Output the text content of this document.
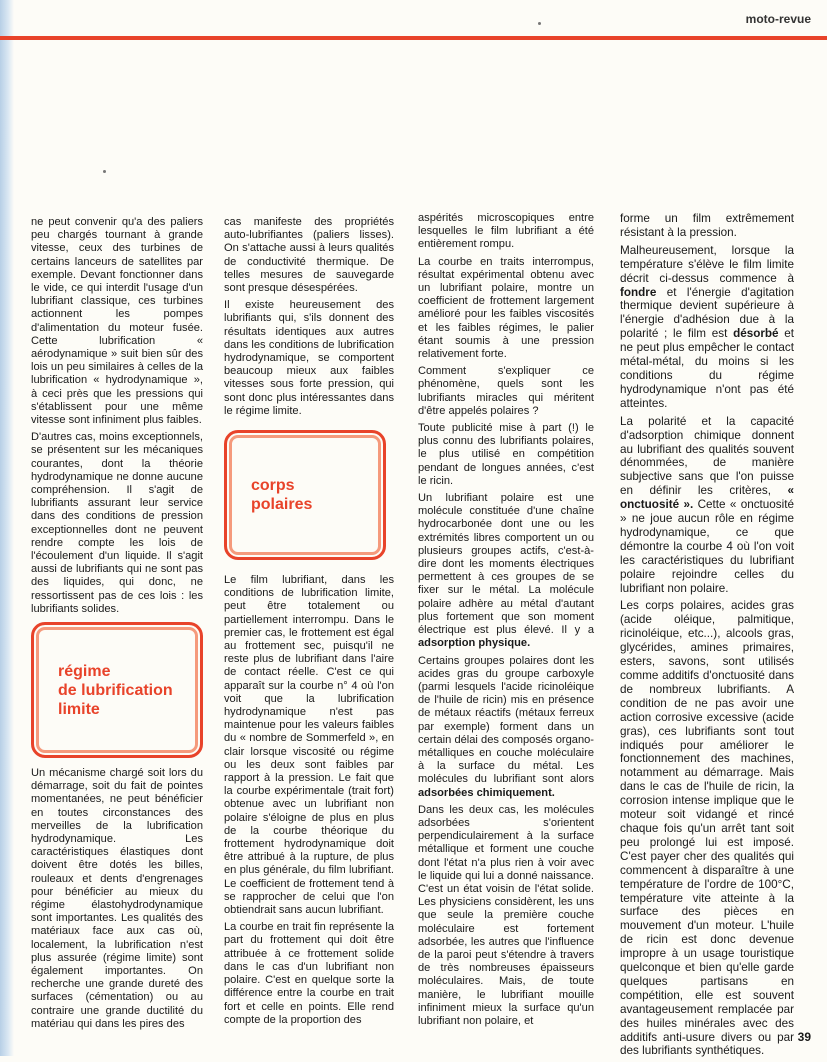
moto-revue

ne peut convenir qu'a des paliers peu chargés tournant à grande vitesse, ceux des turbines de certains lanceurs de satellites par exemple. Devant fonctionner dans le vide, ce qui interdit l'usage d'un lubrifiant classique, ces turbines actionnent les pompes d'alimentation du moteur fusée. Cette lubrification « aérodynamique » suit bien sûr des lois un peu similaires à celles de la lubrification « hydrodynamique », à ceci près que les pressions qui s'établissent pour une même vitesse sont infiniment plus faibles.

D'autres cas, moins exceptionnels, se présentent sur les mécaniques courantes, dont la théorie hydrodynamique ne donne aucune compréhension. Il s'agit de lubrifiants assurant leur service dans des conditions de pression exceptionnelles dont ne peuvent rendre compte les lois de l'écoulement d'un liquide. Il s'agit aussi de lubrifiants qui ne sont pas des liquides, qui donc, ne ressortissent pas de ces lois : les lubrifiants solides.

régime
de lubrification
limite

Un mécanisme chargé soit lors du démarrage, soit du fait de pointes momentanées, ne peut bénéficier en toutes circonstances des merveilles de la lubrification hydrodynamique. Les caractéristiques élastiques dont doivent être dotés les billes, rouleaux et dents d'engrenages pour bénéficier au mieux du régime élastohydrodynamique sont importantes. Les qualités des matériaux face aux cas où, localement, la lubrification n'est plus assurée (régime limite) sont également importantes. On recherche une grande dureté des surfaces (cémentation) ou au contraire une grande ductilité du matériau qui dans les pires des

cas manifeste des propriétés auto-lubrifiantes (paliers lisses). On s'attache aussi à leurs qualités de conductivité thermique. De telles mesures de sauvegarde sont presque désespérées.

Il existe heureusement des lubrifiants qui, s'ils donnent des résultats identiques aux autres dans les conditions de lubrification hydrodynamique, se comportent beaucoup mieux aux faibles vitesses sous forte pression, qui sont donc plus intéressantes dans le régime limite.

corps
polaires

Le film lubrifiant, dans les conditions de lubrification limite, peut être totalement ou partiellement interrompu. Dans le premier cas, le frottement est égal au frottement sec, puisqu'il ne reste plus de lubrifiant dans l'aire de contact réelle. C'est ce qui apparaît sur la courbe n° 4 où l'on voit que la lubrification hydrodynamique n'est pas maintenue pour les valeurs faibles du « nombre de Sommerfeld », en clair lorsque viscosité ou régime ou les deux sont faibles par rapport à la pression. Le fait que la courbe expérimentale (trait fort) obtenue avec un lubrifiant non polaire s'éloigne de plus en plus de la courbe théorique du frottement hydrodynamique doit être attribué à la rupture, de plus en plus générale, du film lubrifiant. Le coefficient de frottement tend à se rapprocher de celui que l'on obtiendrait sans aucun lubrifiant.

La courbe en trait fin représente la part du frottement qui doit être attribuée à ce frottement solide dans le cas d'un lubrifiant non polaire. C'est en quelque sorte la différence entre la courbe en trait fort et celle en points. Elle rend compte de la proportion des

aspérités microscopiques entre lesquelles le film lubrifiant a été entièrement rompu.

La courbe en traits interrompus, résultat expérimental obtenu avec un lubrifiant polaire, montre un coefficient de frottement largement amélioré pour les faibles viscosités et les faibles régimes, le palier étant soumis à une pression relativement forte.

Comment s'expliquer ce phénomène, quels sont les lubrifiants miracles qui méritent d'être appelés polaires ?

Toute publicité mise à part (!) le plus connu des lubrifiants polaires, le plus utilisé en compétition pendant de longues années, c'est le ricin.

Un lubrifiant polaire est une molécule constituée d'une chaîne hydrocarbonée dont une ou les extrémités libres comportent un ou plusieurs groupes actifs, c'est-à-dire dont les moments électriques permettent à ces groupes de se fixer sur le métal. La molécule polaire adhère au métal d'autant plus fortement que son moment électrique est plus élevé. Il y a adsorption physique.

Certains groupes polaires dont les acides gras du groupe carboxyle (parmi lesquels l'acide ricinoléique de l'huile de ricin) mis en présence de métaux réactifs (métaux ferreux par exemple) forment dans un certain délai des composés organo-métalliques en couche moléculaire à la surface du métal. Les molécules du lubrifiant sont alors adsorbées chimiquement.

Dans les deux cas, les molécules adsorbées s'orientent perpendiculairement à la surface métallique et forment une couche dont l'état n'a plus rien à voir avec le liquide qui lui a donné naissance. C'est un état voisin de l'état solide. Les physiciens considèrent, les uns que seule la première couche moléculaire est fortement adsorbée, les autres que l'influence de la paroi peut s'étendre à travers de très nombreuses épaisseurs moléculaires. Mais, de toute manière, le lubrifiant mouille infiniment mieux la surface qu'un lubrifiant non polaire, et

forme un film extrêmement résistant à la pression.

Malheureusement, lorsque la température s'élève le film limite décrit ci-dessus commence à fondre et l'énergie d'agitation thermique devient supérieure à l'énergie d'adhésion due à la polarité ; le film est désorbé et ne peut plus empêcher le contact métal-métal, du moins si les conditions du régime hydrodynamique n'ont pas été atteintes.

La polarité et la capacité d'adsorption chimique donnent au lubrifiant des qualités souvent dénommées, de manière subjective sans que l'on puisse en définir les critères, « onctuosité ». Cette « onctuosité » ne joue aucun rôle en régime hydrodynamique, ce que démontre la courbe 4 où l'on voit les caractéristiques du lubrifiant polaire rejoindre celles du lubrifiant non polaire.

Les corps polaires, acides gras (acide oléique, palmitique, ricinoléique, etc...), alcools gras, glycérides, amines primaires, esters, savons, sont utilisés comme additifs d'onctuosité dans de nombreux lubrifiants. A condition de ne pas avoir une action corrosive excessive (acide gras), ces lubrifiants sont tout indiqués pour améliorer le fonctionnement des machines, notamment au démarrage. Mais dans le cas de l'huile de ricin, la corrosion intense implique que le moteur soit vidangé et rincé chaque fois qu'un arrêt tant soit peu prolongé lui est imposé. C'est payer cher des qualités qui commencent à disparaître à une température de l'ordre de 100°C, température vite atteinte à la surface des pièces en mouvement d'un moteur. L'huile de ricin est donc devenue impropre à un usage touristique quelconque et bien qu'elle garde quelques partisans en compétition, elle est souvent avantageusement remplacée par des huiles minérales avec des additifs anti-usure divers ou par des lubrifiants synthétiques.

39
